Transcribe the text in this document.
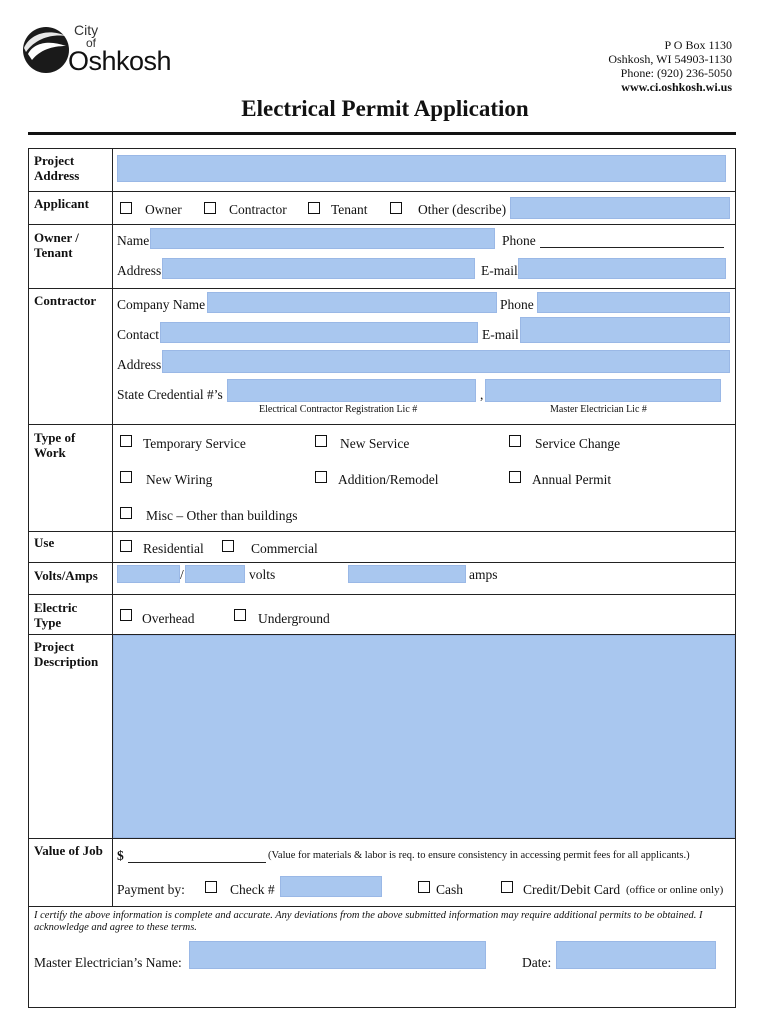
City
of
Oshkosh
P O Box 1130
Oshkosh, WI 54903-1130
Phone: (920) 236-5050
www.ci.oshkosh.wi.us
Electrical Permit Application
Project
Address
Applicant	Owner	Contractor	Tenant	Other (describe)
Owner /
Tenant
Name	Phone
Address	E-mail
Contractor Company Name	Phone
Contact	E-mail
Address
State Credential #’s	,
Electrical Contractor Registration Lic #	Master Electrician Lic #
Type of
Work
Temporary Service	New Service	Service Change
New Wiring	Addition/Remodel	Annual Permit
Misc – Other than buildings
Use	Residential	Commercial
Volts/Amps	/	volts	amps
Electric
Type	Overhead	Underground
Project
Description
Value of Job $	(Value for materials & labor is req. to ensure consistency in accessing permit fees for all applicants.)
Payment by:	Check #	Cash	Credit/Debit Card (office or online only)
I certify the above information is complete and accurate. Any deviations from the above submitted information may require additional permits to be obtained. I acknowledge and agree to these terms.
Master Electrician’s Name:	Date:
